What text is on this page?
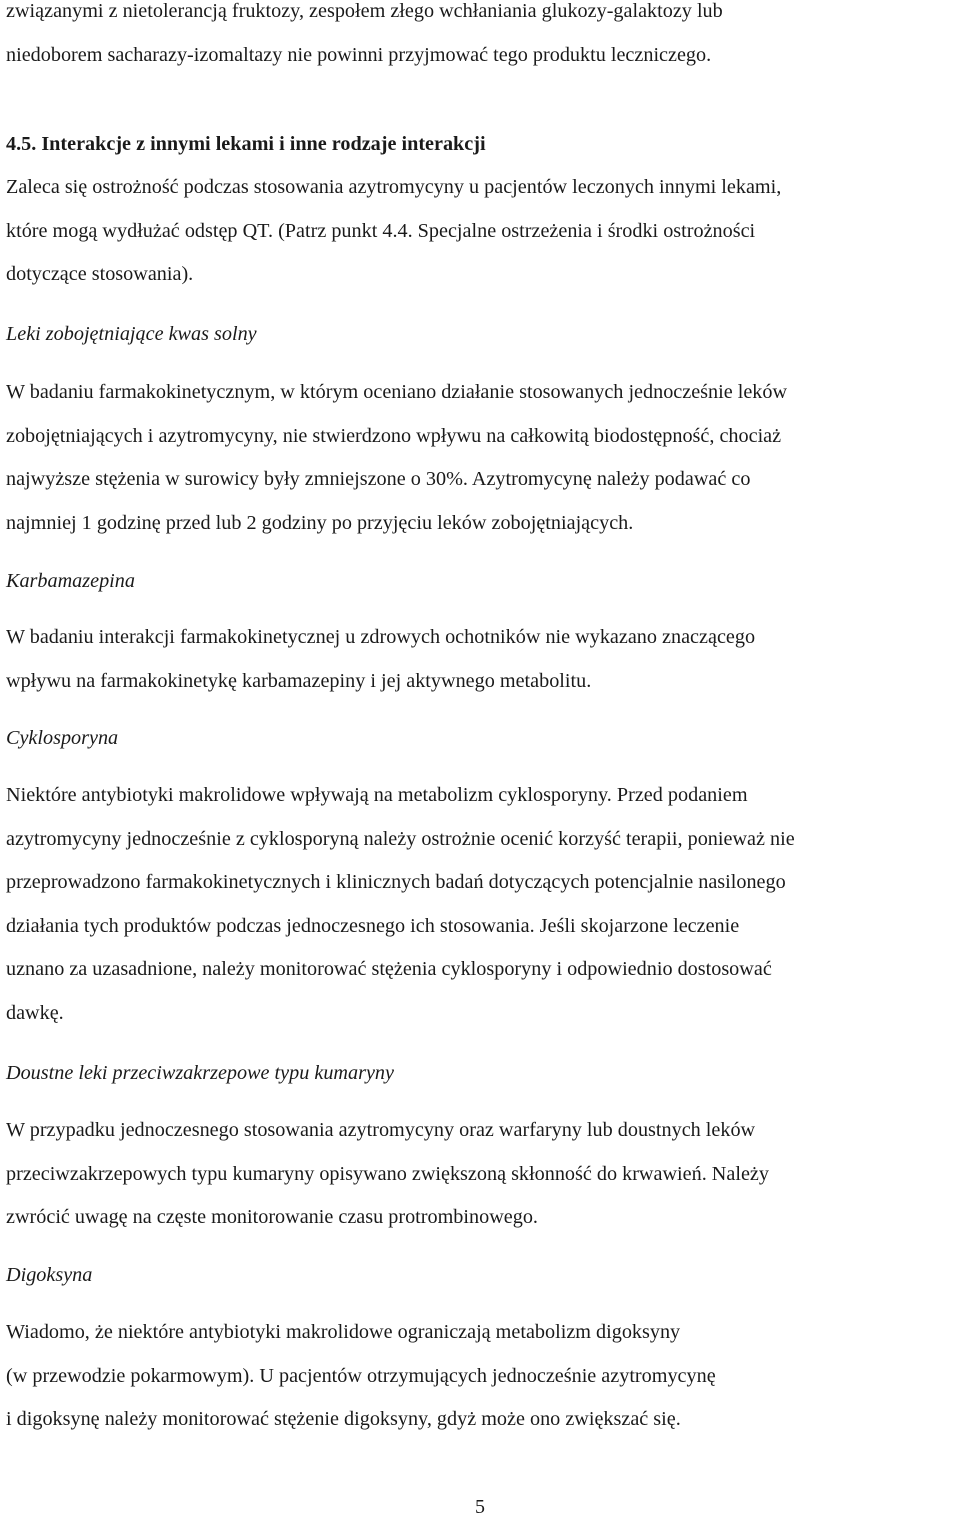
związanymi z nietolerancją fruktozy, zespołem złego wchłaniania glukozy-galaktozy lub
niedoborem sacharazy-izomaltazy nie powinni przyjmować tego produktu leczniczego.

4.5. Interakcje z innymi lekami i inne rodzaje interakcji

Zaleca się ostrożność podczas stosowania azytromycyny u pacjentów leczonych innymi lekami,
które mogą wydłużać odstęp QT. (Patrz punkt 4.4. Specjalne ostrzeżenia i środki ostrożności
dotyczące stosowania).

Leki zobojętniające kwas solny

W badaniu farmakokinetycznym, w którym oceniano działanie stosowanych jednocześnie leków
zobojętniających i azytromycyny, nie stwierdzono wpływu na całkowitą biodostępność, chociaż
najwyższe stężenia w surowicy były zmniejszone o 30%. Azytromycynę należy podawać co
najmniej 1 godzinę przed lub 2 godziny po przyjęciu leków zobojętniających.

Karbamazepina

W badaniu interakcji farmakokinetycznej u zdrowych ochotników nie wykazano znaczącego
wpływu na farmakokinetykę karbamazepiny i jej aktywnego metabolitu.

Cyklosporyna

Niektóre antybiotyki makrolidowe wpływają na metabolizm cyklosporyny. Przed podaniem
azytromycyny jednocześnie z cyklosporyną należy ostrożnie ocenić korzyść terapii, ponieważ nie
przeprowadzono farmakokinetycznych i klinicznych badań dotyczących potencjalnie nasilonego
działania tych produktów podczas jednoczesnego ich stosowania. Jeśli skojarzone leczenie
uznano za uzasadnione, należy monitorować stężenia cyklosporyny i odpowiednio dostosować
dawkę.

Doustne leki przeciwzakrzepowe typu kumaryny

W przypadku jednoczesnego stosowania azytromycyny oraz warfaryny lub doustnych leków
przeciwzakrzepowych typu kumaryny opisywano zwiększoną skłonność do krwawień. Należy
zwrócić uwagę na częste monitorowanie czasu protrombinowego.

Digoksyna

Wiadomo, że niektóre antybiotyki makrolidowe ograniczają metabolizm digoksyny
(w przewodzie pokarmowym). U pacjentów otrzymujących jednocześnie azytromycynę
i digoksynę należy monitorować stężenie digoksyny, gdyż może ono zwiększać się.

5
